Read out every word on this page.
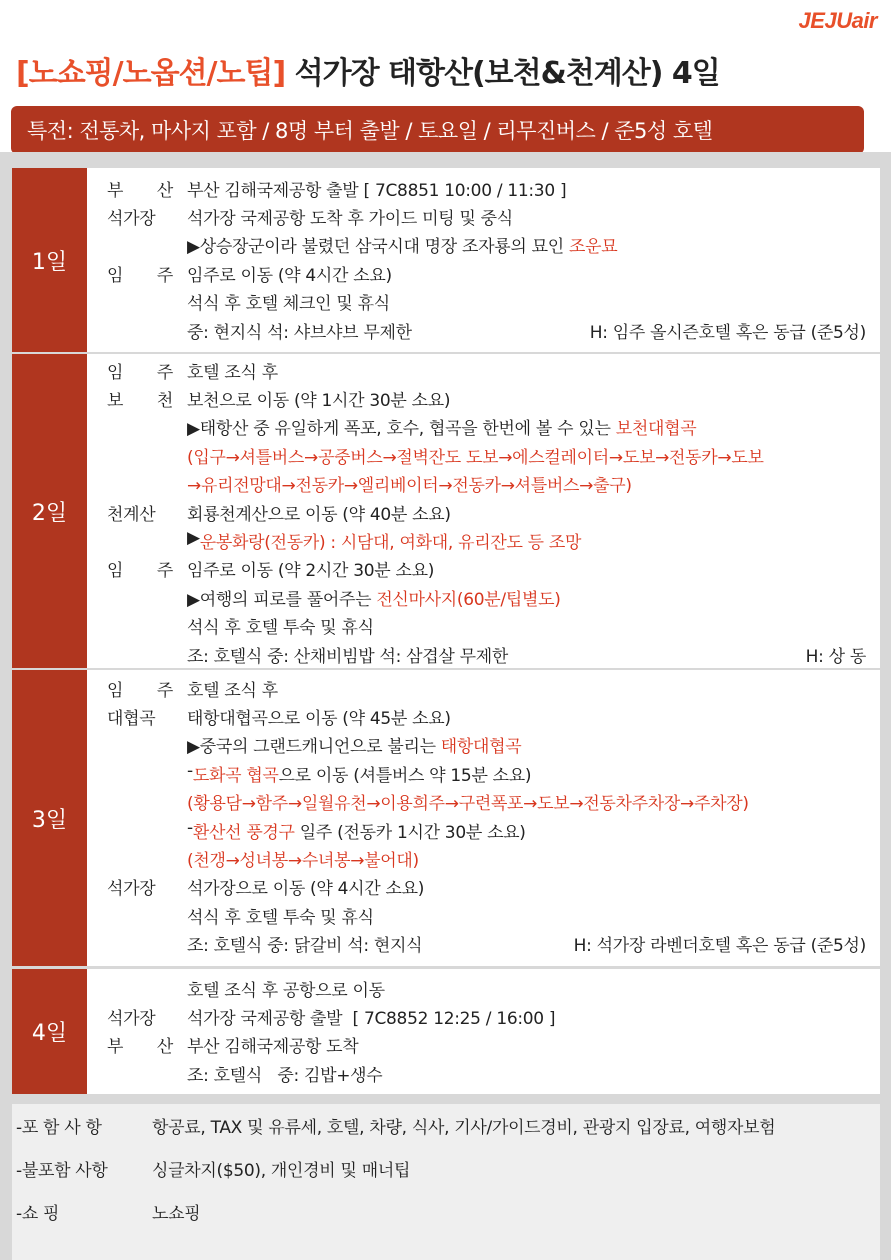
JEJUair
[노쇼핑/노옵션/노팁] 석가장 태항산(보천&천계산) 4일
특전: 전통차, 마사지 포함 / 8명 부터 출발 / 토요일 / 리무진버스 / 준5성 호텔
1일
부 산 부산 김해국제공항 출발 [ 7C8851 10:00 / 11:30 ]
석가장	석가장 국제공항 도착 후 가이드 미팅 및 중식
▶상승장군이라 불렸던 삼국시대 명장 조자룡의 묘인 조운묘
임 주 임주로 이동 (약 4시간 소요)
석식 후 호텔 체크인 및 휴식
중: 현지식 석: 샤브샤브 무제한	H: 임주 올시즌호텔 혹은 동급 (준5성)
2일
임 주 호텔 조식 후
보 천 보천으로 이동 (약 1시간 30분 소요)
▶태항산 중 유일하게 폭포, 호수, 협곡을 한번에 볼 수 있는 보천대협곡
(입구→셔틀버스→공중버스→절벽잔도 도보→에스컬레이터→도보→전동카→도보
→유리전망대→전동카→엘리베이터→전동카→셔틀버스→출구)
천계산	회룡천계산으로 이동 (약 40분 소요)
▶ 운봉화랑(전동카) : 시담대, 여화대, 유리잔도 등 조망
임 주 임주로 이동 (약 2시간 30분 소요)
▶여행의 피로를 풀어주는 전신마사지(60분/팁별도)
석식 후 호텔 투숙 및 휴식
조: 호텔식 중: 산채비빔밥 석: 삼겹살 무제한	H: 상 동
3일
임 주 호텔 조식 후
대협곡	태항대협곡으로 이동 (약 45분 소요)
▶중국의 그랜드캐니언으로 불리는 태항대협곡
- 도화곡 협곡 으로 이동 (셔틀버스 약 15분 소요)
(황용담→함주→일월유천→이용희주→구련폭포→도보→전동차주차장→주차장)
- 환산선 풍경구 일주 (전동카 1시간 30분 소요)
(천갱→성녀봉→수녀봉→불어대)
석가장	석가장으로 이동 (약 4시간 소요)
석식 후 호텔 투숙 및 휴식
조: 호텔식 중: 닭갈비 석: 현지식	H: 석가장 라벤더호텔 혹은 동급 (준5성)
4일
호텔 조식 후 공항으로 이동
석가장	석가장 국제공항 출발  [ 7C8852 12:25 / 16:00 ]
부 산 부산 김해국제공항 도착
조: 호텔식   중: 김밥+생수
-포 함 사 항	항공료, TAX 및 유류세, 호텔, 차량, 식사, 기사/가이드경비, 관광지 입장료, 여행자보험
-불포함 사항	싱글차지($50), 개인경비 및 매너팁
-쇼 핑	노쇼핑
